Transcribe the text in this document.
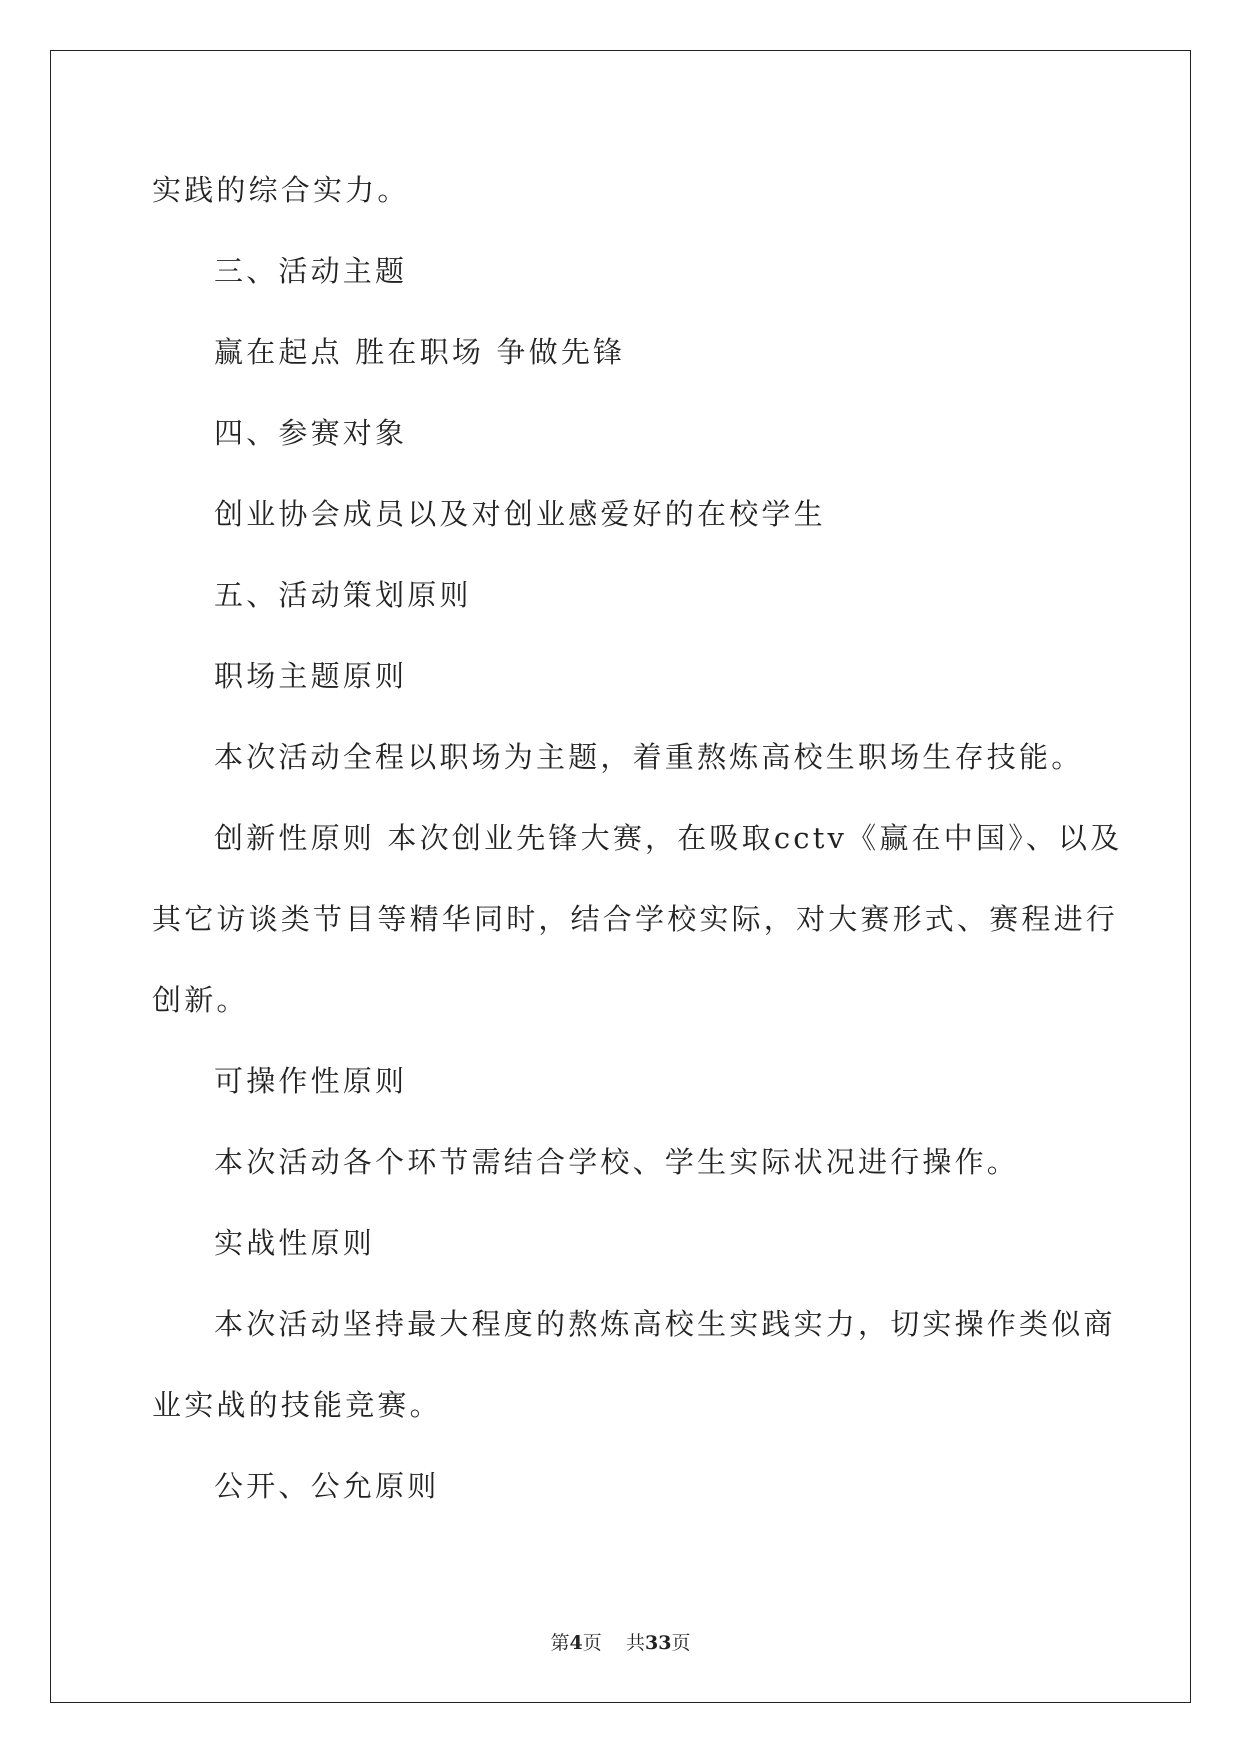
实践的综合实力。
三、活动主题
赢在起点 胜在职场 争做先锋
四、参赛对象
创业协会成员以及对创业感爱好的在校学生
五、活动策划原则
职场主题原则
本次活动全程以职场为主题，着重熬炼高校生职场生存技能。
创新性原则 本次创业先锋大赛，在吸取cctv《赢在中国》、以及
其它访谈类节目等精华同时，结合学校实际，对大赛形式、赛程进行
创新。
可操作性原则
本次活动各个环节需结合学校、学生实际状况进行操作。
实战性原则
本次活动坚持最大程度的熬炼高校生实践实力，切实操作类似商
业实战的技能竞赛。
公开、公允原则
第4页 共33页
